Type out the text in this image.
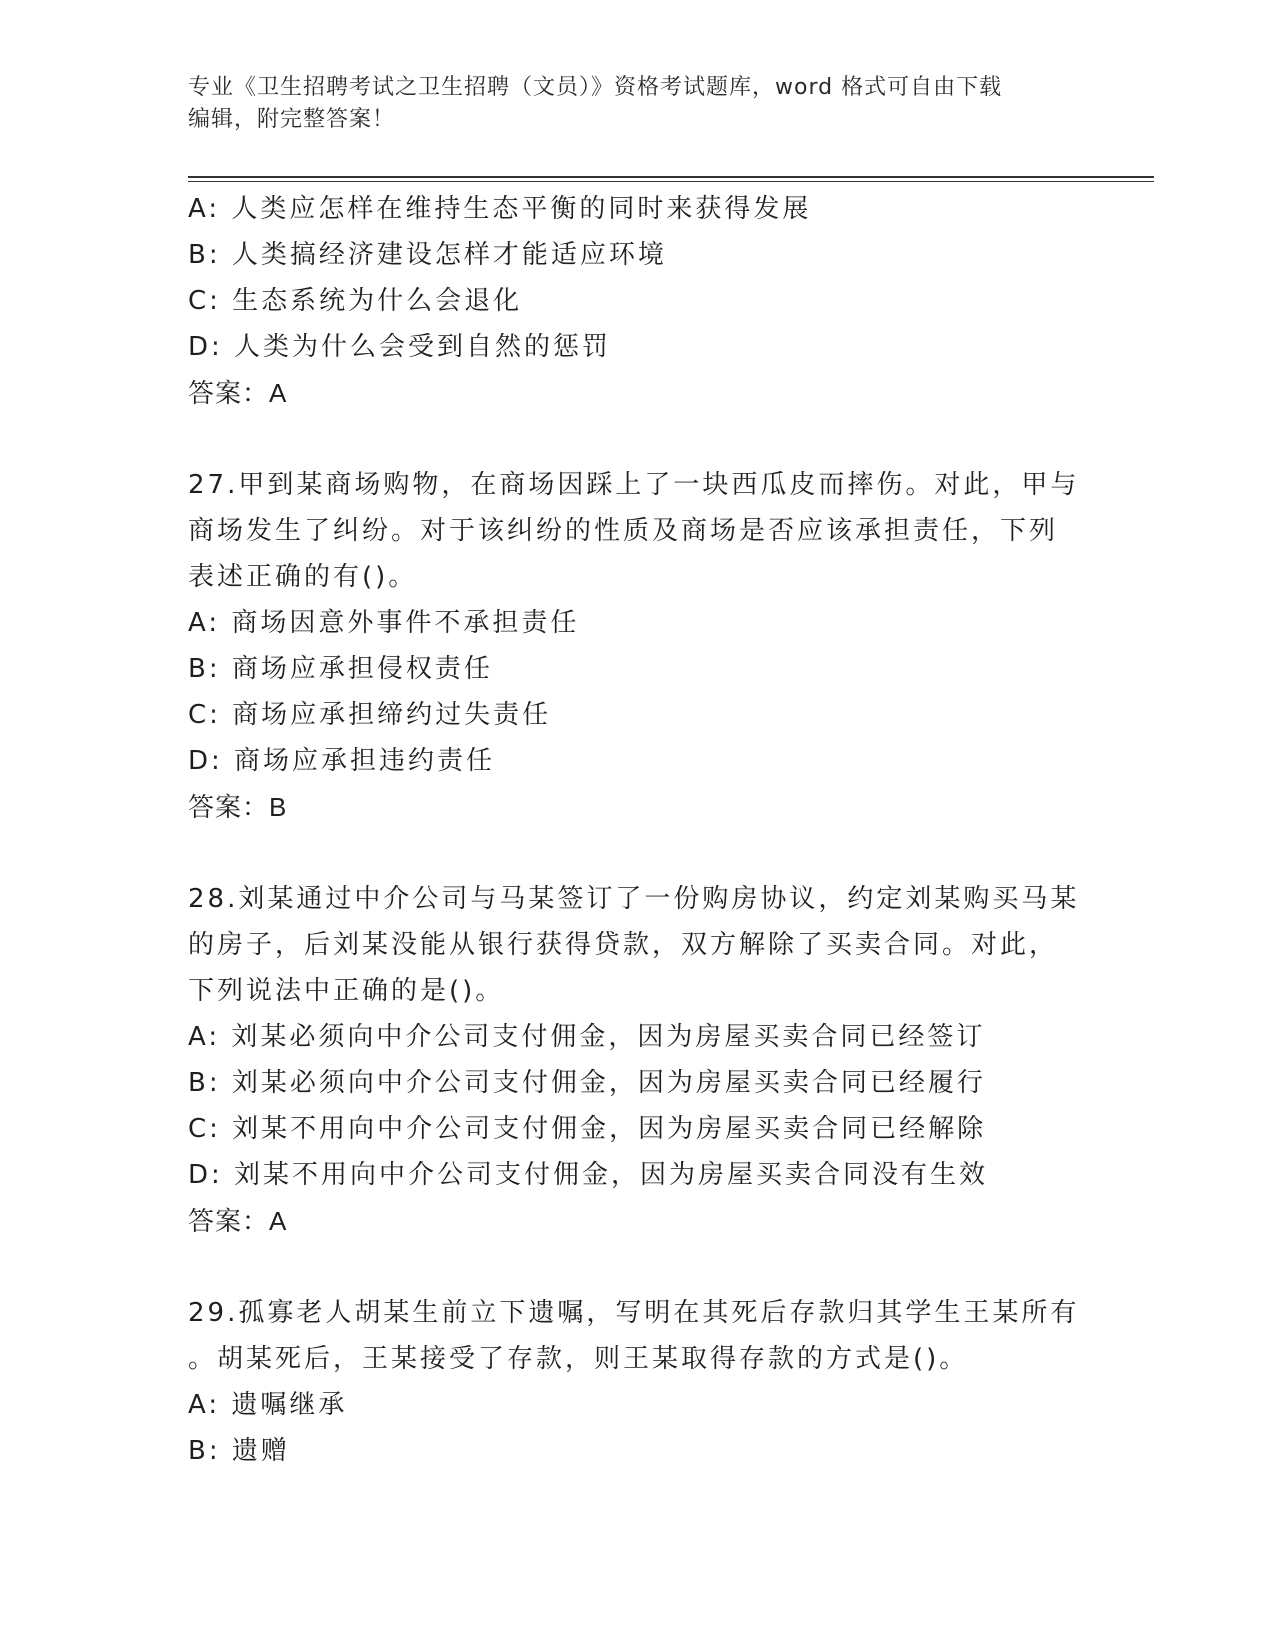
专业《卫生招聘考试之卫生招聘（文员）》资格考试题库，word 格式可自由下载
编辑，附完整答案！
A: 人类应怎样在维持生态平衡的同时来获得发展
B: 人类搞经济建设怎样才能适应环境
C: 生态系统为什么会退化
D: 人类为什么会受到自然的惩罚
答案：A
27.甲到某商场购物，在商场因踩上了一块西瓜皮而摔伤。对此，甲与
商场发生了纠纷。对于该纠纷的性质及商场是否应该承担责任，下列
表述正确的有()。
A: 商场因意外事件不承担责任
B: 商场应承担侵权责任
C: 商场应承担缔约过失责任
D: 商场应承担违约责任
答案：B
28.刘某通过中介公司与马某签订了一份购房协议，约定刘某购买马某
的房子，后刘某没能从银行获得贷款，双方解除了买卖合同。对此，
下列说法中正确的是()。
A: 刘某必须向中介公司支付佣金，因为房屋买卖合同已经签订
B: 刘某必须向中介公司支付佣金，因为房屋买卖合同已经履行
C: 刘某不用向中介公司支付佣金，因为房屋买卖合同已经解除
D: 刘某不用向中介公司支付佣金，因为房屋买卖合同没有生效
答案：A
29.孤寡老人胡某生前立下遗嘱，写明在其死后存款归其学生王某所有
。胡某死后，王某接受了存款，则王某取得存款的方式是()。
A: 遗嘱继承
B: 遗赠
